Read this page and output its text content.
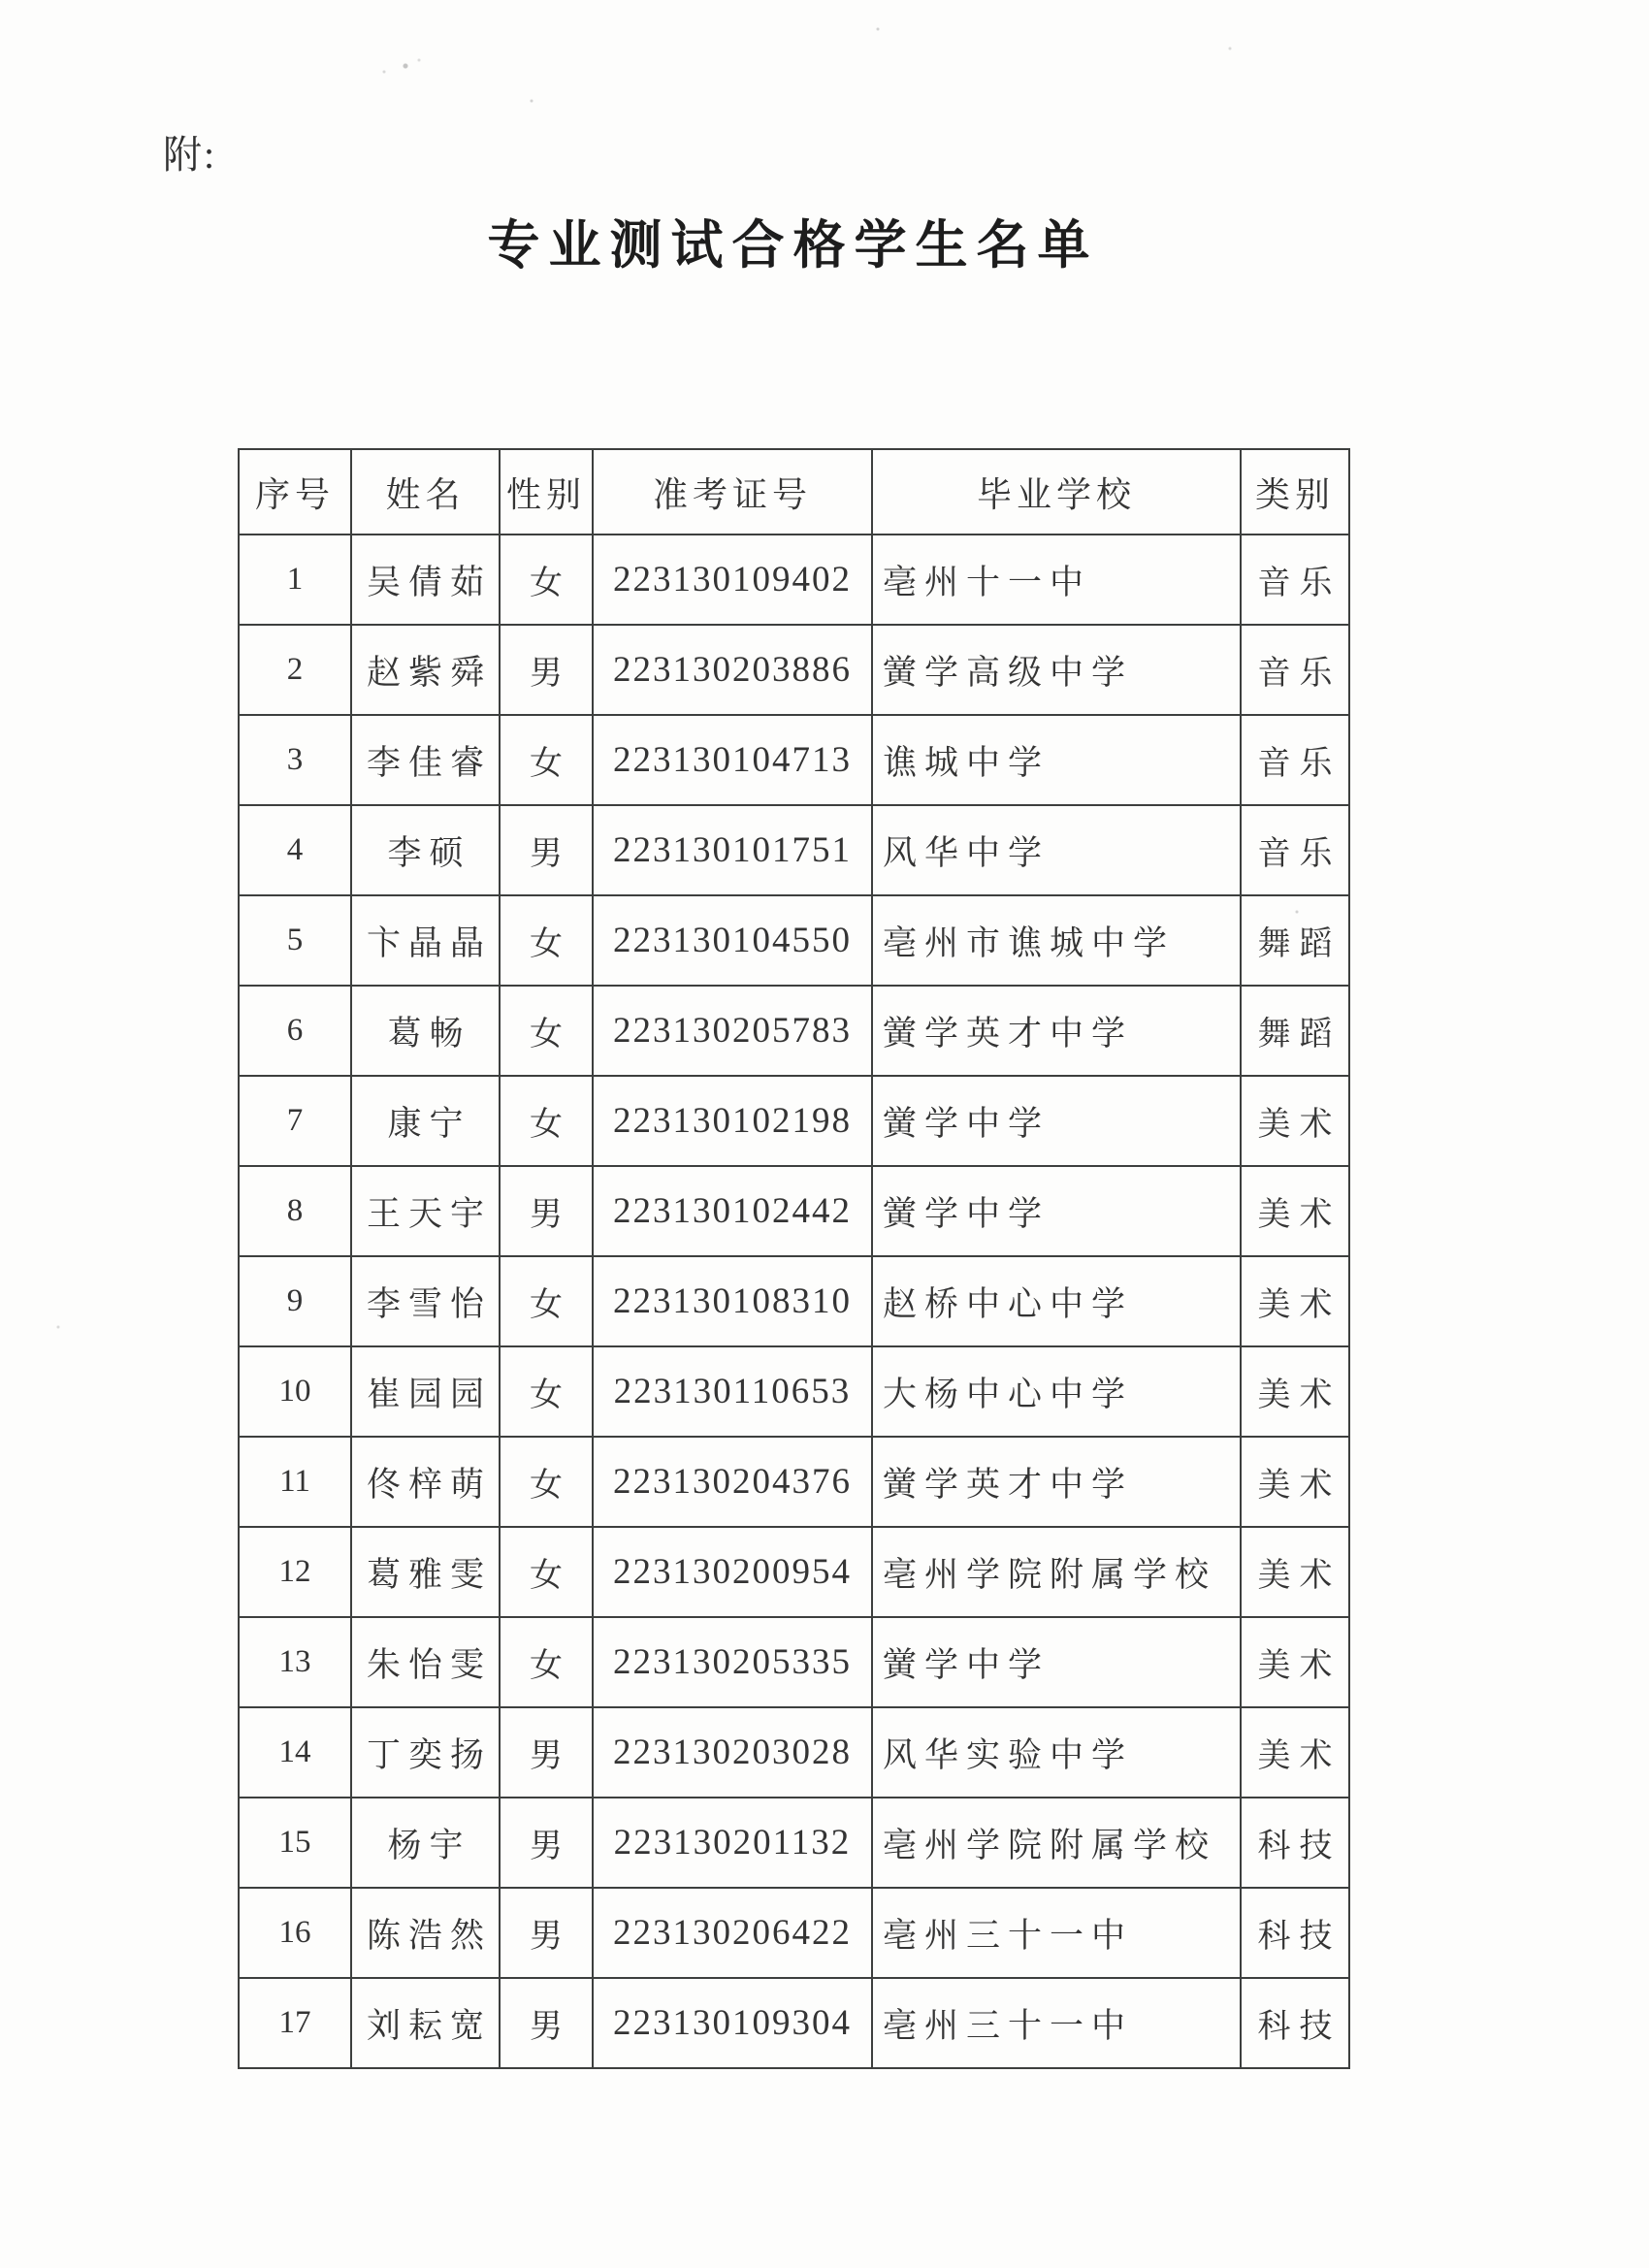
附:
专业测试合格学生名单
序号	姓名	性别	准考证号	毕业学校	类别
1	吴倩茹	女	223130109402	亳州十一中	音乐
2	赵紫舜	男	223130203886	黉学高级中学	音乐
3	李佳睿	女	223130104713	谯城中学	音乐
4	李硕	男	223130101751	风华中学	音乐
5	卞晶晶	女	223130104550	亳州市谯城中学	舞蹈
6	葛畅	女	223130205783	黉学英才中学	舞蹈
7	康宁	女	223130102198	黉学中学	美术
8	王天宇	男	223130102442	黉学中学	美术
9	李雪怡	女	223130108310	赵桥中心中学	美术
10	崔园园	女	223130110653	大杨中心中学	美术
11	佟梓萌	女	223130204376	黉学英才中学	美术
12	葛雅雯	女	223130200954	亳州学院附属学校	美术
13	朱怡雯	女	223130205335	黉学中学	美术
14	丁奕扬	男	223130203028	风华实验中学	美术
15	杨宇	男	223130201132	亳州学院附属学校	科技
16	陈浩然	男	223130206422	亳州三十一中	科技
17	刘耘宽	男	223130109304	亳州三十一中	科技
